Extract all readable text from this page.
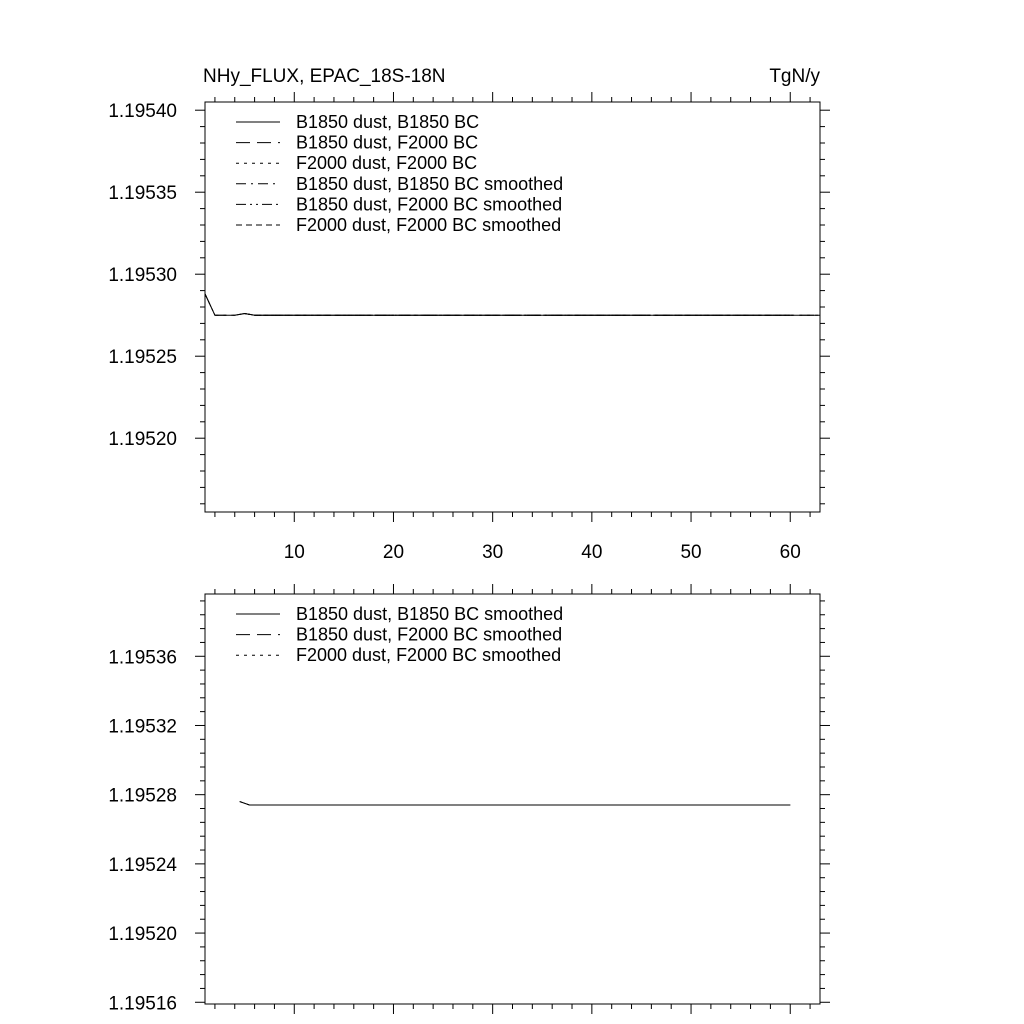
NHy_FLUX, EPAC_18S-18N	TgN/y
10	20	30	40	50	60
1.19520
1.19525
1.19530
1.19535
1.19540	B1850 dust, B1850 BC
B1850 dust, F2000 BC
F2000 dust, F2000 BC
B1850 dust, B1850 BC smoothed
B1850 dust, F2000 BC smoothed
F2000 dust, F2000 BC smoothed
1.19516
1.19520
1.19524
1.19528
1.19532
1.19536
B1850 dust, B1850 BC smoothed
B1850 dust, F2000 BC smoothed
F2000 dust, F2000 BC smoothed
